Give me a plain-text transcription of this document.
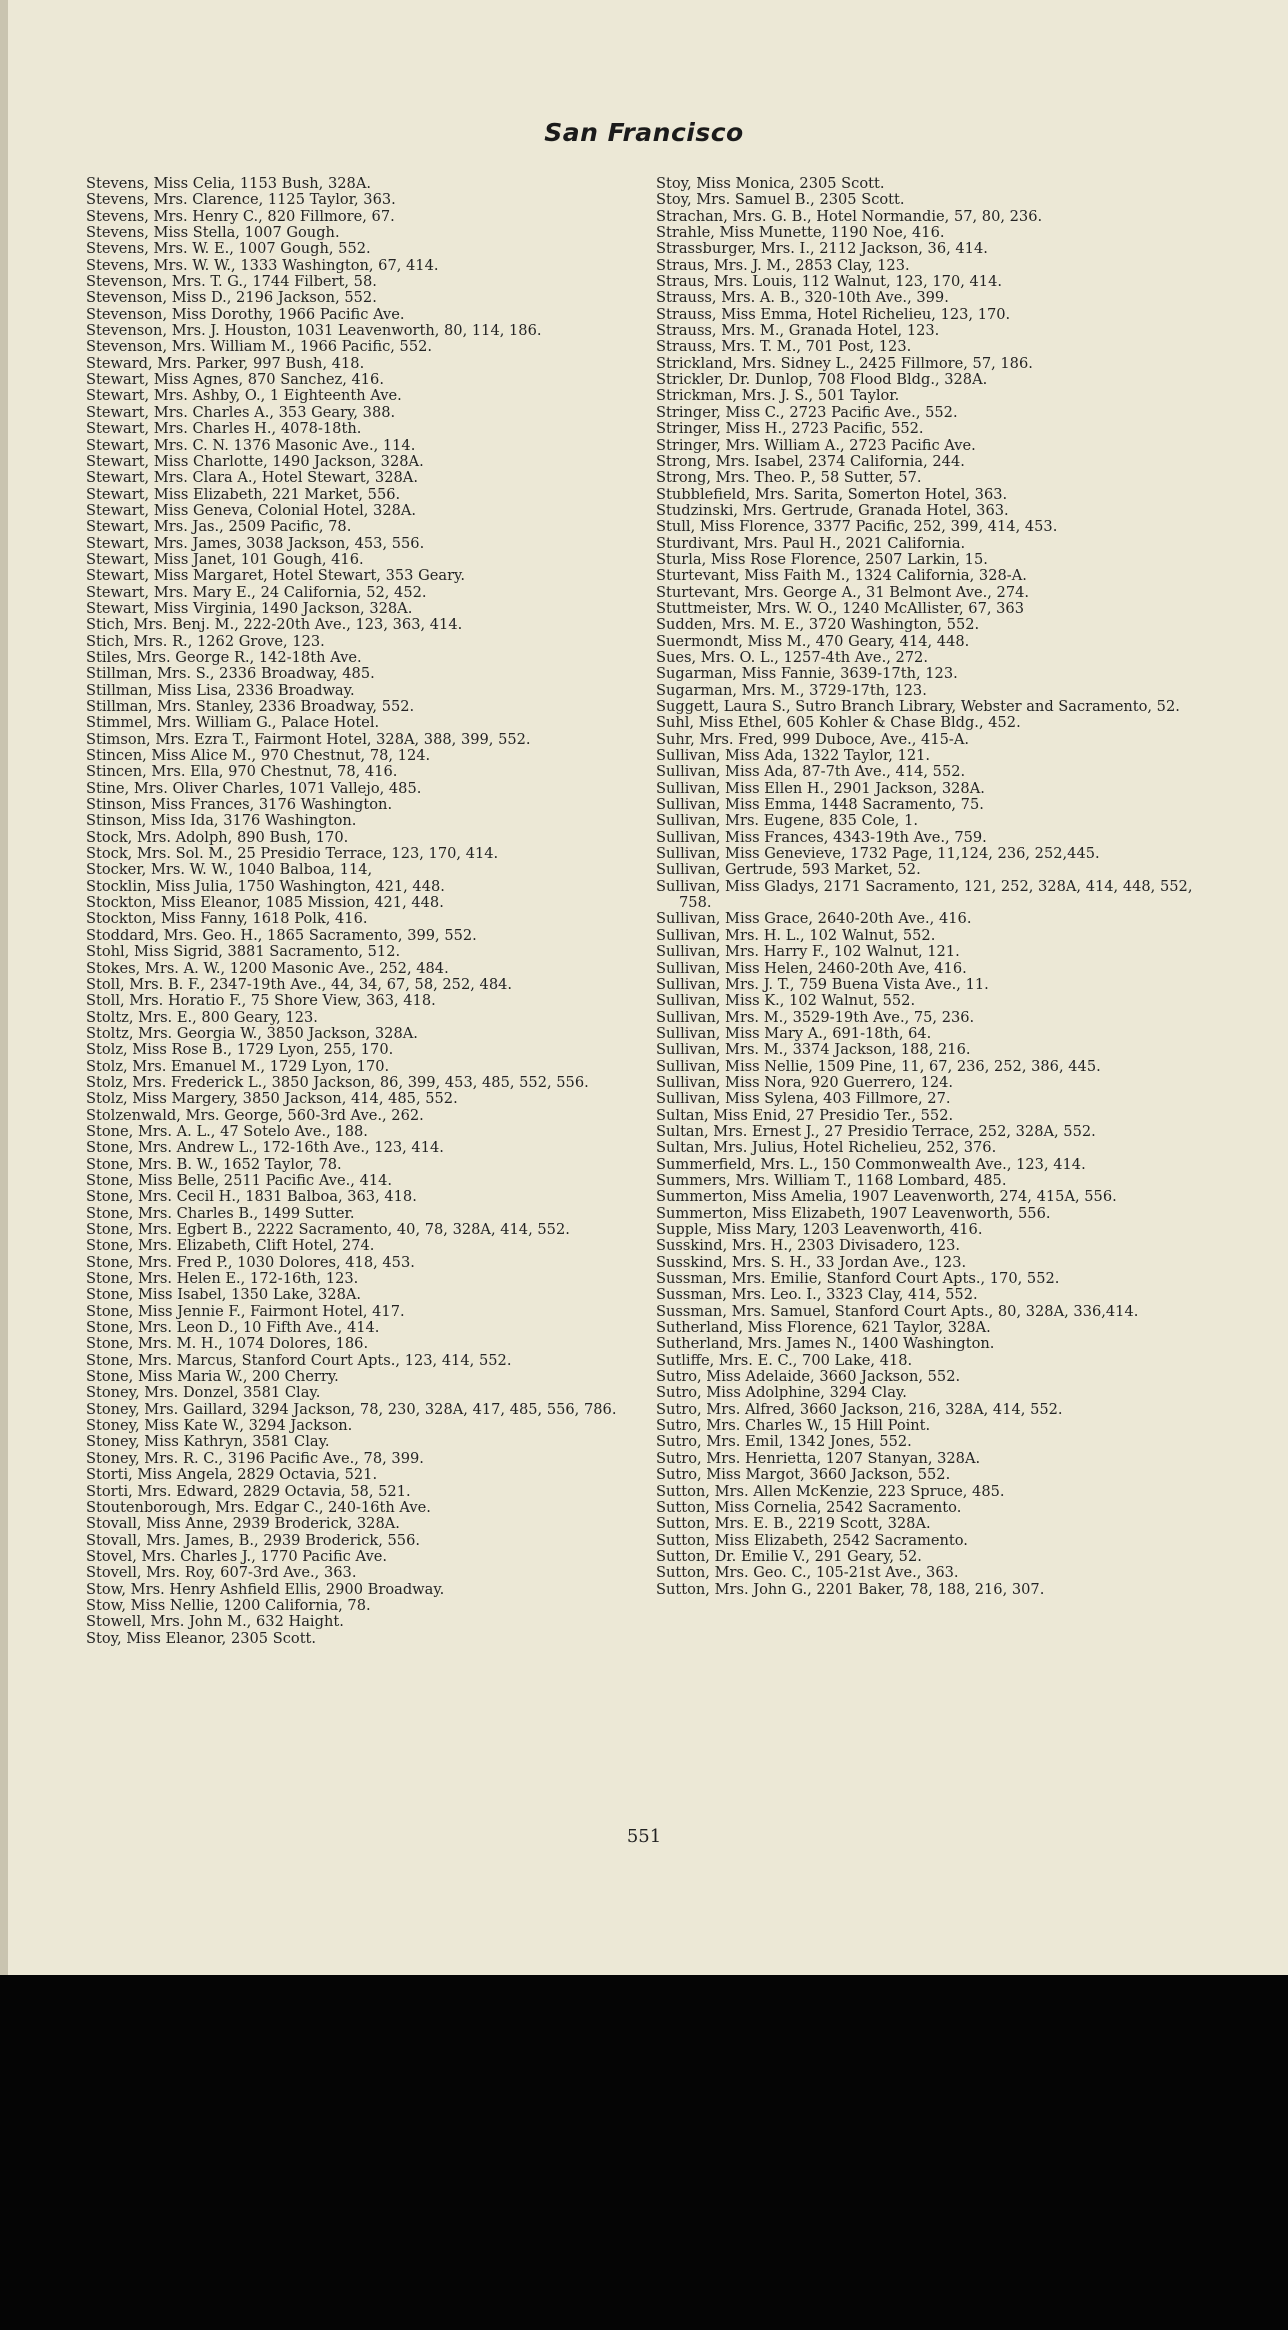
San Francisco
Stevens, Miss Celia, 1153 Bush, 328A.
Stevens, Mrs. Clarence, 1125 Taylor, 363.
Stevens, Mrs. Henry C., 820 Fillmore, 67.
Stevens, Miss Stella, 1007 Gough.
Stevens, Mrs. W. E., 1007 Gough, 552.
Stevens, Mrs. W. W., 1333 Washington, 67, 414.
Stevenson, Mrs. T. G., 1744 Filbert, 58.
Stevenson, Miss D., 2196 Jackson, 552.
Stevenson, Miss Dorothy, 1966 Pacific Ave.
Stevenson, Mrs. J. Houston, 1031 Leavenworth, 80, 114, 186.
Stevenson, Mrs. William M., 1966 Pacific, 552.
Steward, Mrs. Parker, 997 Bush, 418.
Stewart, Miss Agnes, 870 Sanchez, 416.
Stewart, Mrs. Ashby, O., 1 Eighteenth Ave.
Stewart, Mrs. Charles A., 353 Geary, 388.
Stewart, Mrs. Charles H., 4078-18th.
Stewart, Mrs. C. N. 1376 Masonic Ave., 114.
Stewart, Miss Charlotte, 1490 Jackson, 328A.
Stewart, Mrs. Clara A., Hotel Stewart, 328A.
Stewart, Miss Elizabeth, 221 Market, 556.
Stewart, Miss Geneva, Colonial Hotel, 328A.
Stewart, Mrs. Jas., 2509 Pacific, 78.
Stewart, Mrs. James, 3038 Jackson, 453, 556.
Stewart, Miss Janet, 101 Gough, 416.
Stewart, Miss Margaret, Hotel Stewart, 353 Geary.
Stewart, Mrs. Mary E., 24 California, 52, 452.
Stewart, Miss Virginia, 1490 Jackson, 328A.
Stich, Mrs. Benj. M., 222-20th Ave., 123, 363, 414.
Stich, Mrs. R., 1262 Grove, 123.
Stiles, Mrs. George R., 142-18th Ave.
Stillman, Mrs. S., 2336 Broadway, 485.
Stillman, Miss Lisa, 2336 Broadway.
Stillman, Mrs. Stanley, 2336 Broadway, 552.
Stimmel, Mrs. William G., Palace Hotel.
Stimson, Mrs. Ezra T., Fairmont Hotel, 328A, 388, 399, 552.
Stincen, Miss Alice M., 970 Chestnut, 78, 124.
Stincen, Mrs. Ella, 970 Chestnut, 78, 416.
Stine, Mrs. Oliver Charles, 1071 Vallejo, 485.
Stinson, Miss Frances, 3176 Washington.
Stinson, Miss Ida, 3176 Washington.
Stock, Mrs. Adolph, 890 Bush, 170.
Stock, Mrs. Sol. M., 25 Presidio Terrace, 123, 170, 414.
Stocker, Mrs. W. W., 1040 Balboa, 114,
Stocklin, Miss Julia, 1750 Washington, 421, 448.
Stockton, Miss Eleanor, 1085 Mission, 421, 448.
Stockton, Miss Fanny, 1618 Polk, 416.
Stoddard, Mrs. Geo. H., 1865 Sacramento, 399, 552.
Stohl, Miss Sigrid, 3881 Sacramento, 512.
Stokes, Mrs. A. W., 1200 Masonic Ave., 252, 484.
Stoll, Mrs. B. F., 2347-19th Ave., 44, 34, 67, 58, 252, 484.
Stoll, Mrs. Horatio F., 75 Shore View, 363, 418.
Stoltz, Mrs. E., 800 Geary, 123.
Stoltz, Mrs. Georgia W., 3850 Jackson, 328A.
Stolz, Miss Rose B., 1729 Lyon, 255, 170.
Stolz, Mrs. Emanuel M., 1729 Lyon, 170.
Stolz, Mrs. Frederick L., 3850 Jackson, 86, 399, 453, 485, 552, 556.
Stolz, Miss Margery, 3850 Jackson, 414, 485, 552.
Stolzenwald, Mrs. George, 560-3rd Ave., 262.
Stone, Mrs. A. L., 47 Sotelo Ave., 188.
Stone, Mrs. Andrew L., 172-16th Ave., 123, 414.
Stone, Mrs. B. W., 1652 Taylor, 78.
Stone, Miss Belle, 2511 Pacific Ave., 414.
Stone, Mrs. Cecil H., 1831 Balboa, 363, 418.
Stone, Mrs. Charles B., 1499 Sutter.
Stone, Mrs. Egbert B., 2222 Sacramento, 40, 78, 328A, 414, 552.
Stone, Mrs. Elizabeth, Clift Hotel, 274.
Stone, Mrs. Fred P., 1030 Dolores, 418, 453.
Stone, Mrs. Helen E., 172-16th, 123.
Stone, Miss Isabel, 1350 Lake, 328A.
Stone, Miss Jennie F., Fairmont Hotel, 417.
Stone, Mrs. Leon D., 10 Fifth Ave., 414.
Stone, Mrs. M. H., 1074 Dolores, 186.
Stone, Mrs. Marcus, Stanford Court Apts., 123, 414, 552.
Stone, Miss Maria W., 200 Cherry.
Stoney, Mrs. Donzel, 3581 Clay.
Stoney, Mrs. Gaillard, 3294 Jackson, 78, 230, 328A, 417, 485, 556, 786.
Stoney, Miss Kate W., 3294 Jackson.
Stoney, Miss Kathryn, 3581 Clay.
Stoney, Mrs. R. C., 3196 Pacific Ave., 78, 399.
Storti, Miss Angela, 2829 Octavia, 521.
Storti, Mrs. Edward, 2829 Octavia, 58, 521.
Stoutenborough, Mrs. Edgar C., 240-16th Ave.
Stovall, Miss Anne, 2939 Broderick, 328A.
Stovall, Mrs. James, B., 2939 Broderick, 556.
Stovel, Mrs. Charles J., 1770 Pacific Ave.
Stovell, Mrs. Roy, 607-3rd Ave., 363.
Stow, Mrs. Henry Ashfield Ellis, 2900 Broadway.
Stow, Miss Nellie, 1200 California, 78.
Stowell, Mrs. John M., 632 Haight.
Stoy, Miss Eleanor, 2305 Scott.
Stoy, Miss Monica, 2305 Scott.
Stoy, Mrs. Samuel B., 2305 Scott.
Strachan, Mrs. G. B., Hotel Normandie, 57, 80, 236.
Strahle, Miss Munette, 1190 Noe, 416.
Strassburger, Mrs. I., 2112 Jackson, 36, 414.
Straus, Mrs. J. M., 2853 Clay, 123.
Straus, Mrs. Louis, 112 Walnut, 123, 170, 414.
Strauss, Mrs. A. B., 320-10th Ave., 399.
Strauss, Miss Emma, Hotel Richelieu, 123, 170.
Strauss, Mrs. M., Granada Hotel, 123.
Strauss, Mrs. T. M., 701 Post, 123.
Strickland, Mrs. Sidney L., 2425 Fillmore, 57, 186.
Strickler, Dr. Dunlop, 708 Flood Bldg., 328A.
Strickman, Mrs. J. S., 501 Taylor.
Stringer, Miss C., 2723 Pacific Ave., 552.
Stringer, Miss H., 2723 Pacific, 552.
Stringer, Mrs. William A., 2723 Pacific Ave.
Strong, Mrs. Isabel, 2374 California, 244.
Strong, Mrs. Theo. P., 58 Sutter, 57.
Stubblefield, Mrs. Sarita, Somerton Hotel, 363.
Studzinski, Mrs. Gertrude, Granada Hotel, 363.
Stull, Miss Florence, 3377 Pacific, 252, 399, 414, 453.
Sturdivant, Mrs. Paul H., 2021 California.
Sturla, Miss Rose Florence, 2507 Larkin, 15.
Sturtevant, Miss Faith M., 1324 California, 328-A.
Sturtevant, Mrs. George A., 31 Belmont Ave., 274.
Stuttmeister, Mrs. W. O., 1240 McAllister, 67, 363
Sudden, Mrs. M. E., 3720 Washington, 552.
Suermondt, Miss M., 470 Geary, 414, 448.
Sues, Mrs. O. L., 1257-4th Ave., 272.
Sugarman, Miss Fannie, 3639-17th, 123.
Sugarman, Mrs. M., 3729-17th, 123.
Suggett, Laura S., Sutro Branch Library, Webster and Sacramento, 52.
Suhl, Miss Ethel, 605 Kohler & Chase Bldg., 452.
Suhr, Mrs. Fred, 999 Duboce, Ave., 415-A.
Sullivan, Miss Ada, 1322 Taylor, 121.
Sullivan, Miss Ada, 87-7th Ave., 414, 552.
Sullivan, Miss Ellen H., 2901 Jackson, 328A.
Sullivan, Miss Emma, 1448 Sacramento, 75.
Sullivan, Mrs. Eugene, 835 Cole, 1.
Sullivan, Miss Frances, 4343-19th Ave., 759.
Sullivan, Miss Genevieve, 1732 Page, 11,124, 236, 252,445.
Sullivan, Gertrude, 593 Market, 52.
Sullivan, Miss Gladys, 2171 Sacramento, 121, 252, 328A, 414, 448, 552, 758.
Sullivan, Miss Grace, 2640-20th Ave., 416.
Sullivan, Mrs. H. L., 102 Walnut, 552.
Sullivan, Mrs. Harry F., 102 Walnut, 121.
Sullivan, Miss Helen, 2460-20th Ave, 416.
Sullivan, Mrs. J. T., 759 Buena Vista Ave., 11.
Sullivan, Miss K., 102 Walnut, 552.
Sullivan, Mrs. M., 3529-19th Ave., 75, 236.
Sullivan, Miss Mary A., 691-18th, 64.
Sullivan, Mrs. M., 3374 Jackson, 188, 216.
Sullivan, Miss Nellie, 1509 Pine, 11, 67, 236, 252, 386, 445.
Sullivan, Miss Nora, 920 Guerrero, 124.
Sullivan, Miss Sylena, 403 Fillmore, 27.
Sultan, Miss Enid, 27 Presidio Ter., 552.
Sultan, Mrs. Ernest J., 27 Presidio Terrace, 252, 328A, 552.
Sultan, Mrs. Julius, Hotel Richelieu, 252, 376.
Summerfield, Mrs. L., 150 Commonwealth Ave., 123, 414.
Summers, Mrs. William T., 1168 Lombard, 485.
Summerton, Miss Amelia, 1907 Leavenworth, 274, 415A, 556.
Summerton, Miss Elizabeth, 1907 Leavenworth, 556.
Supple, Miss Mary, 1203 Leavenworth, 416.
Susskind, Mrs. H., 2303 Divisadero, 123.
Susskind, Mrs. S. H., 33 Jordan Ave., 123.
Sussman, Mrs. Emilie, Stanford Court Apts., 170, 552.
Sussman, Mrs. Leo. I., 3323 Clay, 414, 552.
Sussman, Mrs. Samuel, Stanford Court Apts., 80, 328A, 336,414.
Sutherland, Miss Florence, 621 Taylor, 328A.
Sutherland, Mrs. James N., 1400 Washington.
Sutliffe, Mrs. E. C., 700 Lake, 418.
Sutro, Miss Adelaide, 3660 Jackson, 552.
Sutro, Miss Adolphine, 3294 Clay.
Sutro, Mrs. Alfred, 3660 Jackson, 216, 328A, 414, 552.
Sutro, Mrs. Charles W., 15 Hill Point.
Sutro, Mrs. Emil, 1342 Jones, 552.
Sutro, Mrs. Henrietta, 1207 Stanyan, 328A.
Sutro, Miss Margot, 3660 Jackson, 552.
Sutton, Mrs. Allen McKenzie, 223 Spruce, 485.
Sutton, Miss Cornelia, 2542 Sacramento.
Sutton, Mrs. E. B., 2219 Scott, 328A.
Sutton, Miss Elizabeth, 2542 Sacramento.
Sutton, Dr. Emilie V., 291 Geary, 52.
Sutton, Mrs. Geo. C., 105-21st Ave., 363.
Sutton, Mrs. John G., 2201 Baker, 78, 188, 216, 307.
551
